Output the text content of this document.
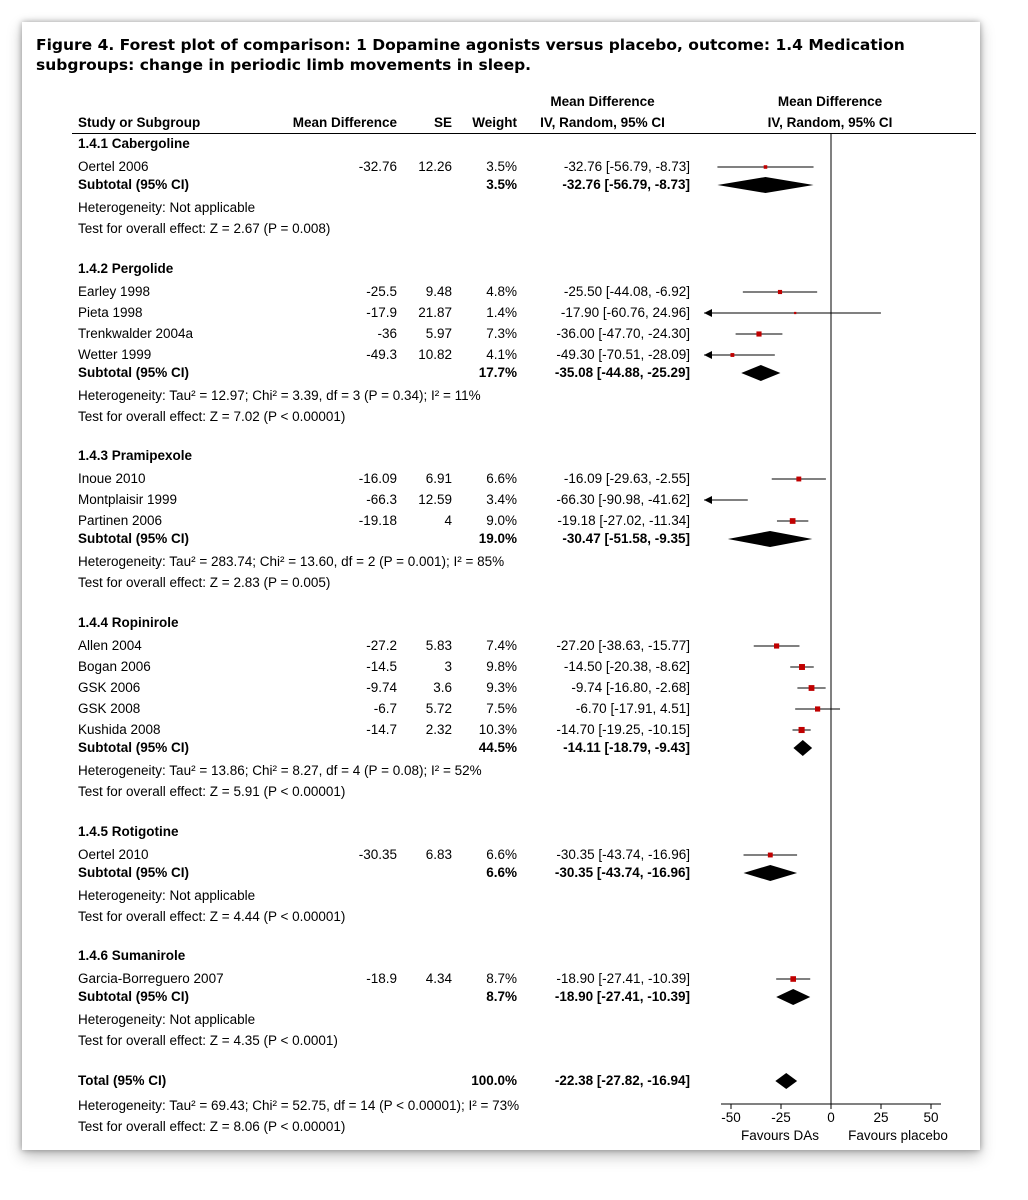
Figure 4. Forest plot of comparison: 1 Dopamine agonists versus placebo, outcome: 1.4 Medication subgroups: change in periodic limb movements in sleep.
Study or Subgroup	Mean Difference	SE	Weight
Mean Difference
IV, Random, 95% CI
Mean Difference
IV, Random, 95% CI
1.4.1 Cabergoline
Oertel 2006	-32.76	12.26	3.5%	-32.76 [-56.79, -8.73]
Subtotal (95% CI)	3.5%	-32.76 [-56.79, -8.73]
Heterogeneity: Not applicable
Test for overall effect: Z = 2.67 (P = 0.008)
1.4.2 Pergolide
Earley 1998	-25.5	9.48	4.8%	-25.50 [-44.08, -6.92]
Pieta 1998	-17.9	21.87	1.4%	-17.90 [-60.76, 24.96]
Trenkwalder 2004a	-36	5.97	7.3%	-36.00 [-47.70, -24.30]
Wetter 1999	-49.3	10.82	4.1%	-49.30 [-70.51, -28.09]
Subtotal (95% CI)	17.7%	-35.08 [-44.88, -25.29]
Heterogeneity: Tau² = 12.97; Chi² = 3.39, df = 3 (P = 0.34); I² = 11%
Test for overall effect: Z = 7.02 (P < 0.00001)
1.4.3 Pramipexole
Inoue 2010	-16.09	6.91	6.6%	-16.09 [-29.63, -2.55]
Montplaisir 1999	-66.3	12.59	3.4%	-66.30 [-90.98, -41.62]
Partinen 2006	-19.18	4	9.0%	-19.18 [-27.02, -11.34]
Subtotal (95% CI)	19.0%	-30.47 [-51.58, -9.35]
Heterogeneity: Tau² = 283.74; Chi² = 13.60, df = 2 (P = 0.001); I² = 85%
Test for overall effect: Z = 2.83 (P = 0.005)
1.4.4 Ropinirole
Allen 2004	-27.2	5.83	7.4%	-27.20 [-38.63, -15.77]
Bogan 2006	-14.5	3	9.8%	-14.50 [-20.38, -8.62]
GSK 2006	-9.74	3.6	9.3%	-9.74 [-16.80, -2.68]
GSK 2008	-6.7	5.72	7.5%	-6.70 [-17.91, 4.51]
Kushida 2008	-14.7	2.32	10.3%	-14.70 [-19.25, -10.15]
Subtotal (95% CI)	44.5%	-14.11 [-18.79, -9.43]
Heterogeneity: Tau² = 13.86; Chi² = 8.27, df = 4 (P = 0.08); I² = 52%
Test for overall effect: Z = 5.91 (P < 0.00001)
1.4.5 Rotigotine
Oertel 2010	-30.35	6.83	6.6%	-30.35 [-43.74, -16.96]
Subtotal (95% CI)	6.6%	-30.35 [-43.74, -16.96]
Heterogeneity: Not applicable
Test for overall effect: Z = 4.44 (P < 0.00001)
1.4.6 Sumanirole
Garcia-Borreguero 2007	-18.9	4.34	8.7%	-18.90 [-27.41, -10.39]
Subtotal (95% CI)	8.7%	-18.90 [-27.41, -10.39]
Heterogeneity: Not applicable
Test for overall effect: Z = 4.35 (P < 0.0001)
Total (95% CI)	100.0%	-22.38 [-27.82, -16.94]
Heterogeneity: Tau² = 69.43; Chi² = 52.75, df = 14 (P < 0.00001); I² = 73%
Test for overall effect: Z = 8.06 (P < 0.00001)
-50 -25	0	25	50
Favours DAs Favours placebo
